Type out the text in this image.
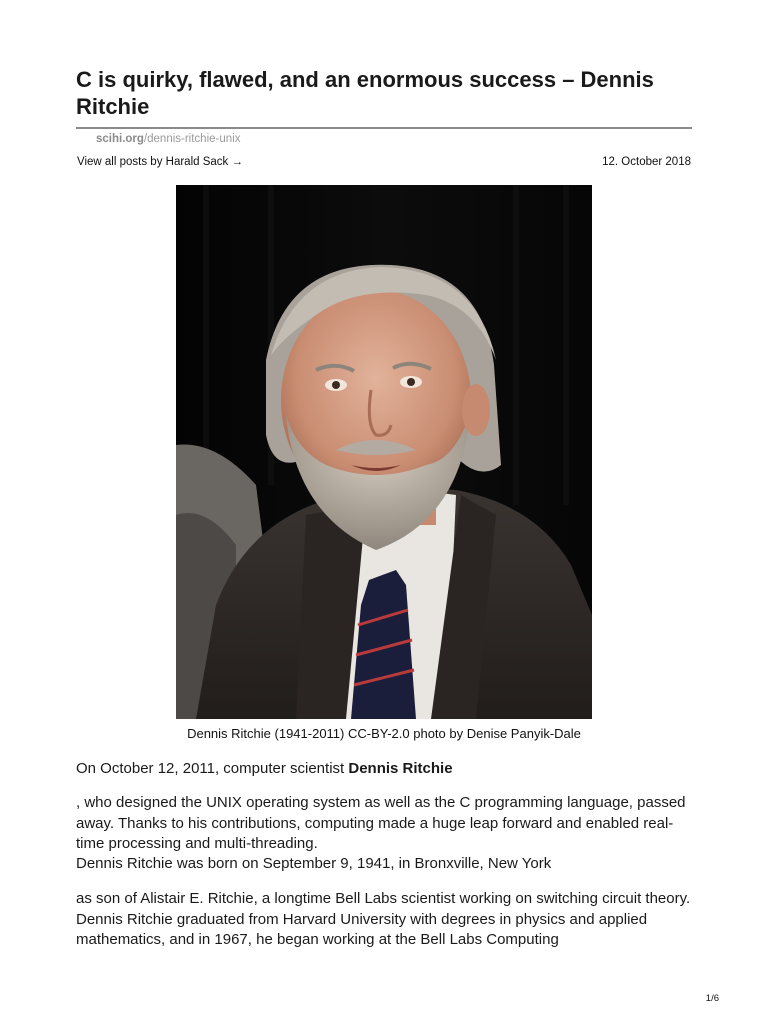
C is quirky, flawed, and an enormous success – Dennis Ritchie
scihi.org/dennis-ritchie-unix
View all posts by Harald Sack →	12. October 2018
Dennis Ritchie (1941-2011) CC-BY-2.0 photo by Denise Panyik-Dale

On October 12, 2011, computer scientist Dennis Ritchie

, who designed the UNIX operating system as well as the C programming language, passed away. Thanks to his contributions, computing made a huge leap forward and enabled real-time processing and multi-threading.

Dennis Ritchie was born on September 9, 1941, in Bronxville, New York

as son of Alistair E. Ritchie, a longtime Bell Labs scientist working on switching circuit theory. Dennis Ritchie graduated from Harvard University with degrees in physics and applied mathematics, and in 1967, he began working at the Bell Labs Computing

1/6
